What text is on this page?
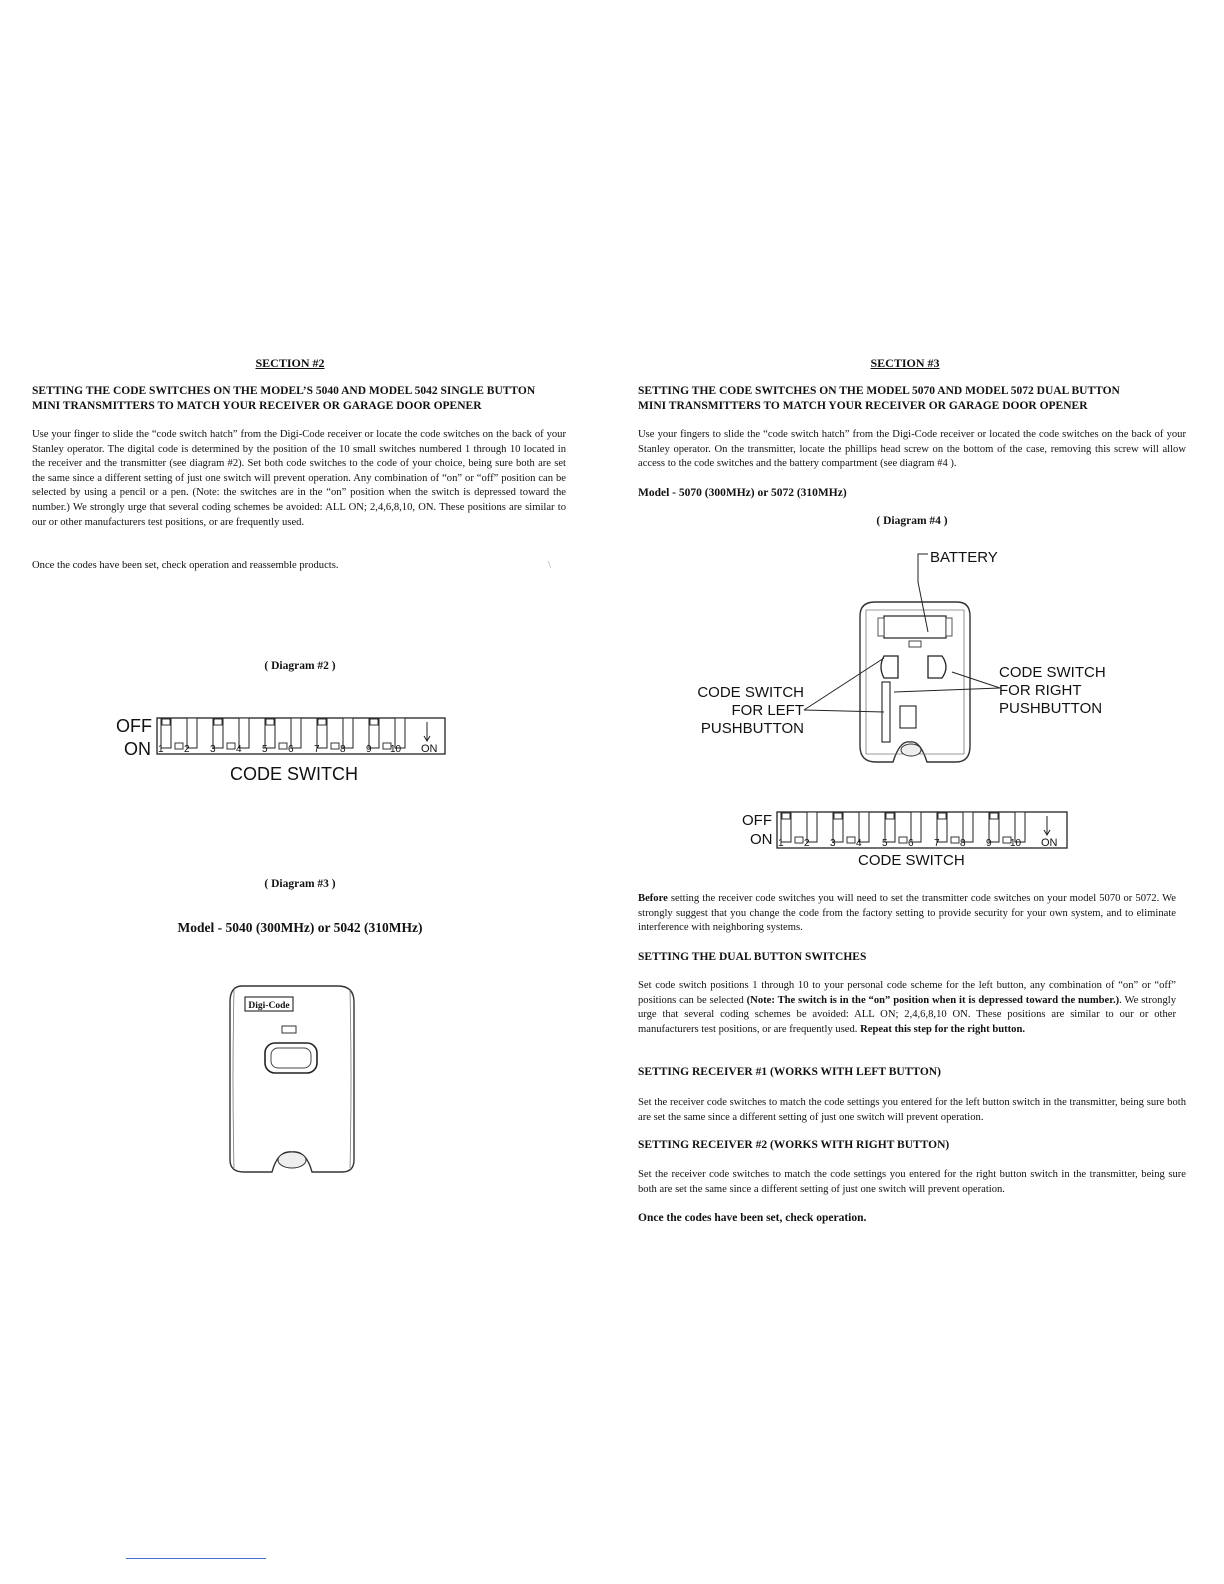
SECTION #2
SETTING THE CODE SWITCHES ON THE MODEL’S 5040 AND MODEL 5042 SINGLE BUTTON
MINI TRANSMITTERS TO MATCH YOUR RECEIVER OR GARAGE DOOR OPENER
Use your finger to slide the “code switch hatch” from the Digi-Code receiver or locate the code switches on the back of your Stanley operator. The digital code is determined by the position of the 10 small switches numbered 1 through 10 located in the receiver and the transmitter (see diagram #2). Set both code switches to the code of your choice, being sure both are set the same since a different setting of just one switch will prevent operation. Any combination of “on” or “off” position can be selected by using a pencil or a pen. (Note: the switches are in the “on” position when the switch is depressed toward the number.) We strongly urge that several coding schemes be avoided: ALL ON; 2,4,6,8,10, ON. These positions are similar to our or other manufacturers test positions, or are frequently used.
Once the codes have been set, check operation and reassemble products.	\
( Diagram #2 )
OFF
ON 1 2 3 4 5 6 7 8 9 10 ON
CODE SWITCH
( Diagram #3 )
Model - 5040 (300MHz) or 5042 (310MHz)
Digi-Code
SECTION #3
SETTING THE CODE SWITCHES ON THE MODEL 5070 AND MODEL 5072 DUAL BUTTON
MINI TRANSMITTERS TO MATCH YOUR RECEIVER OR GARAGE DOOR OPENER
Use your fingers to slide the “code switch hatch” from the Digi-Code receiver or located the code switches on the back of your Stanley operator. On the transmitter, locate the phillips head screw on the bottom of the case, removing this screw will allow access to the code switches and the battery compartment (see diagram #4 ).
Model - 5070 (300MHz) or 5072 (310MHz)
( Diagram #4 )
BATTERY
CODE SWITCH
FOR LEFT
PUSHBUTTON
CODE SWITCH
FOR RIGHT
PUSHBUTTON
OFF
ON 1 2 3 4 5 6 7 8 9 10 ON
CODE SWITCH
Before setting the receiver code switches you will need to set the transmitter code switches on your model 5070 or 5072. We strongly suggest that you change the code from the factory setting to provide security for your own system, and to eliminate interference with neighboring systems.
SETTING THE DUAL BUTTON SWITCHES
Set code switch positions 1 through 10 to your personal code scheme for the left button, any combination of “on” or “off” positions can be selected (Note: The switch is in the “on” position when it is depressed toward the number.). We strongly urge that several coding schemes be avoided: ALL ON; 2,4,6,8,10 ON. These positions are similar to our or other manufacturers test positions, or are frequently used. Repeat this step for the right button.
SETTING RECEIVER #1 (WORKS WITH LEFT BUTTON)
Set the receiver code switches to match the code settings you entered for the left button switch in the transmitter, being sure both are set the same since a different setting of just one switch will prevent operation.
SETTING RECEIVER #2 (WORKS WITH RIGHT BUTTON)
Set the receiver code switches to match the code settings you entered for the right button switch in the transmitter, being sure both are set the same since a different setting of just one switch will prevent operation.
Once the codes have been set, check operation.
